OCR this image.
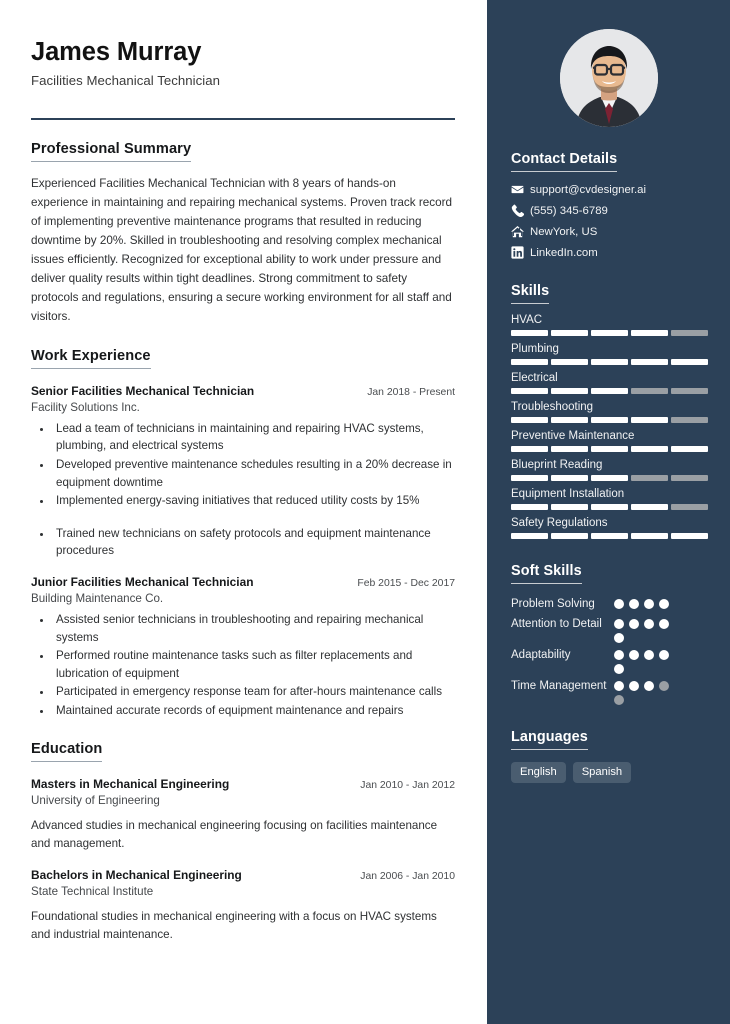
James Murray
Facilities Mechanical Technician
Professional Summary
Experienced Facilities Mechanical Technician with 8 years of hands-on experience in maintaining and repairing mechanical systems. Proven track record of implementing preventive maintenance programs that resulted in reducing downtime by 20%. Skilled in troubleshooting and resolving complex mechanical issues efficiently. Recognized for exceptional ability to work under pressure and deliver quality results within tight deadlines. Strong commitment to safety protocols and regulations, ensuring a secure working environment for all staff and visitors.
Work Experience
Senior Facilities Mechanical Technician	Jan 2018 - Present
Facility Solutions Inc.
• Lead a team of technicians in maintaining and repairing HVAC systems, plumbing, and electrical systems
• Developed preventive maintenance schedules resulting in a 20% decrease in equipment downtime
• Implemented energy-saving initiatives that reduced utility costs by 15%
• Trained new technicians on safety protocols and equipment maintenance procedures
Junior Facilities Mechanical Technician	Feb 2015 - Dec 2017
Building Maintenance Co.
• Assisted senior technicians in troubleshooting and repairing mechanical systems
• Performed routine maintenance tasks such as filter replacements and lubrication of equipment
• Participated in emergency response team for after-hours maintenance calls
• Maintained accurate records of equipment maintenance and repairs
Education
Masters in Mechanical Engineering	Jan 2010 - Jan 2012
University of Engineering
Advanced studies in mechanical engineering focusing on facilities maintenance and management.
Bachelors in Mechanical Engineering	Jan 2006 - Jan 2010
State Technical Institute
Foundational studies in mechanical engineering with a focus on HVAC systems and industrial maintenance.
Contact Details
support@cvdesigner.ai
(555) 345-6789
NewYork, US
LinkedIn.com
Skills
HVAC
Plumbing
Electrical
Troubleshooting
Preventive Maintenance
Blueprint Reading
Equipment Installation
Safety Regulations
Soft Skills
Problem Solving
Attention to Detail
Adaptability
Time Management
Languages
English	Spanish
